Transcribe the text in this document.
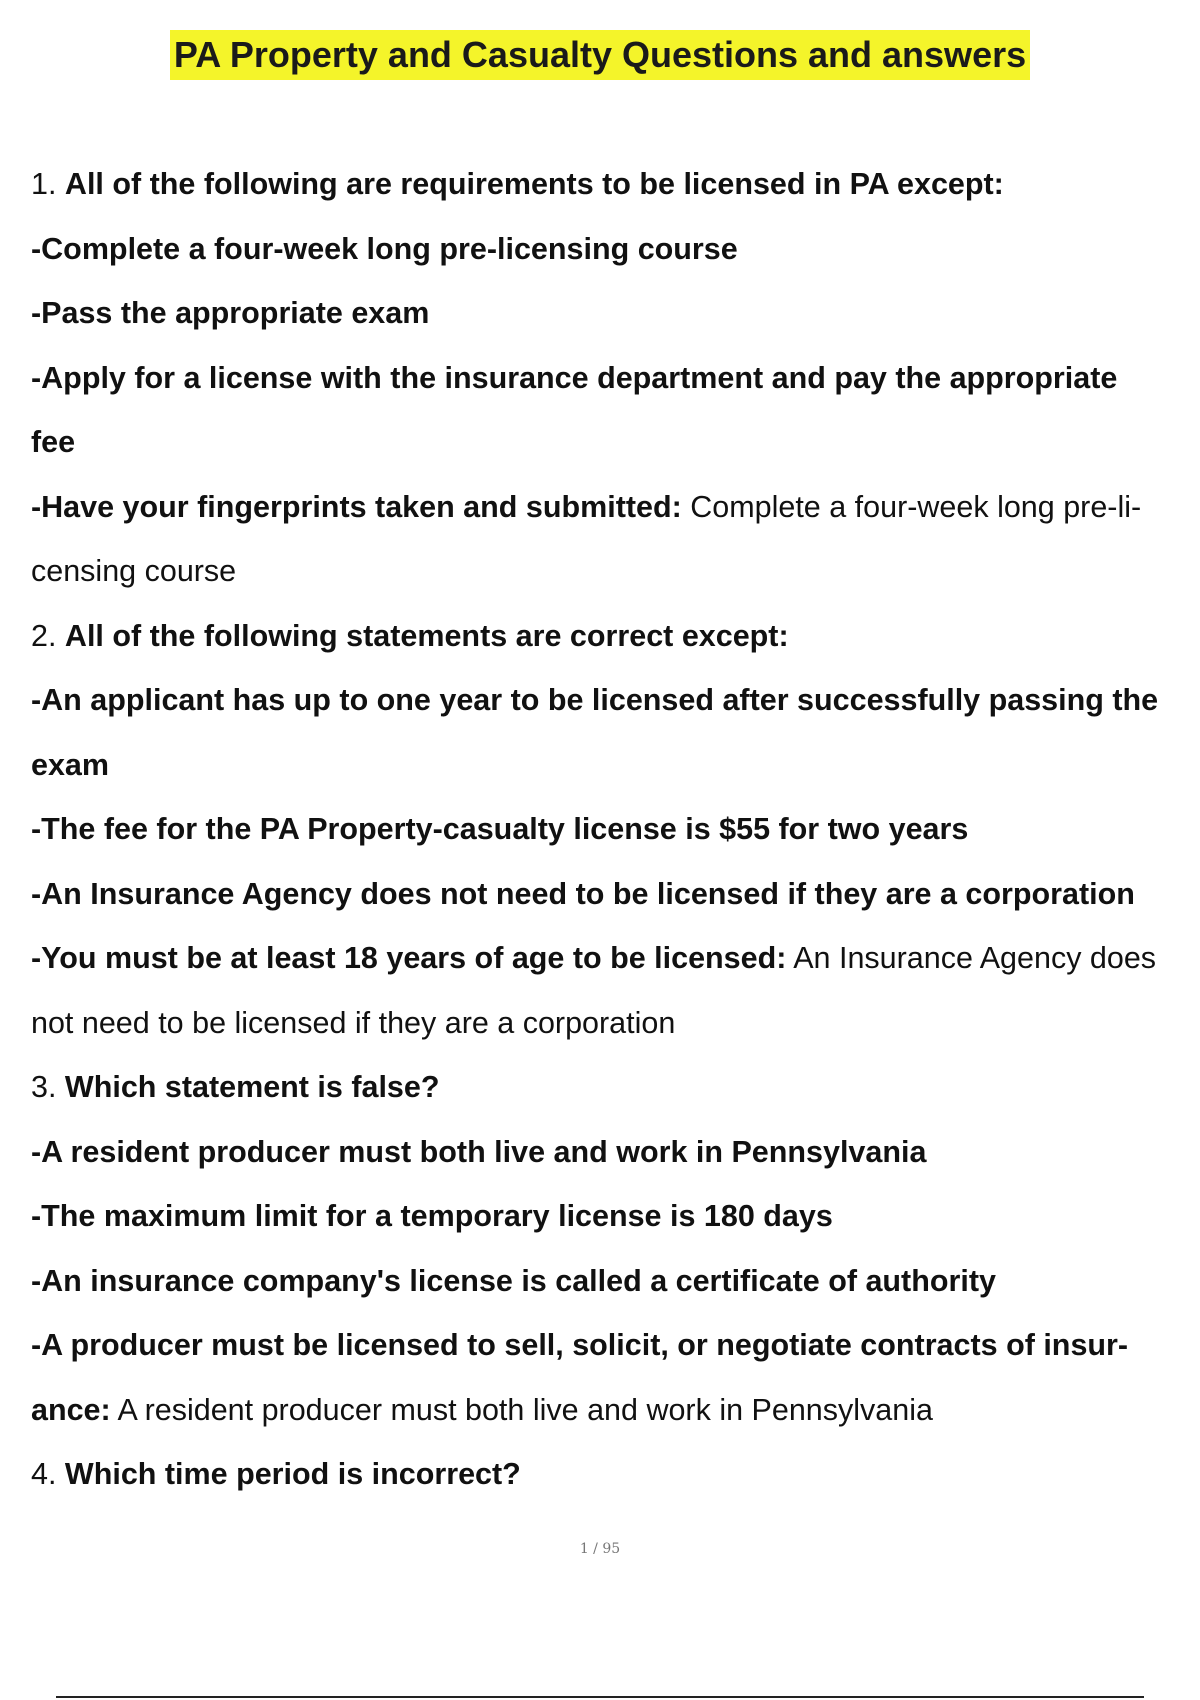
PA Property and Casualty Questions and answers
1. All of the following are requirements to be licensed in PA except:
-Complete a four-week long pre-licensing course
-Pass the appropriate exam
-Apply for a license with the insurance department and pay the appropriate
fee
-Have your fingerprints taken and submitted: Complete a four-week long pre-li-
censing course
2. All of the following statements are correct except:
-An applicant has up to one year to be licensed after successfully passing the
exam
-The fee for the PA Property-casualty license is $55 for two years
-An Insurance Agency does not need to be licensed if they are a corporation
-You must be at least 18 years of age to be licensed: An Insurance Agency does
not need to be licensed if they are a corporation
3. Which statement is false?
-A resident producer must both live and work in Pennsylvania
-The maximum limit for a temporary license is 180 days
-An insurance company's license is called a certificate of authority
-A producer must be licensed to sell, solicit, or negotiate contracts of insur-
ance: A resident producer must both live and work in Pennsylvania
4. Which time period is incorrect?
1 / 95
